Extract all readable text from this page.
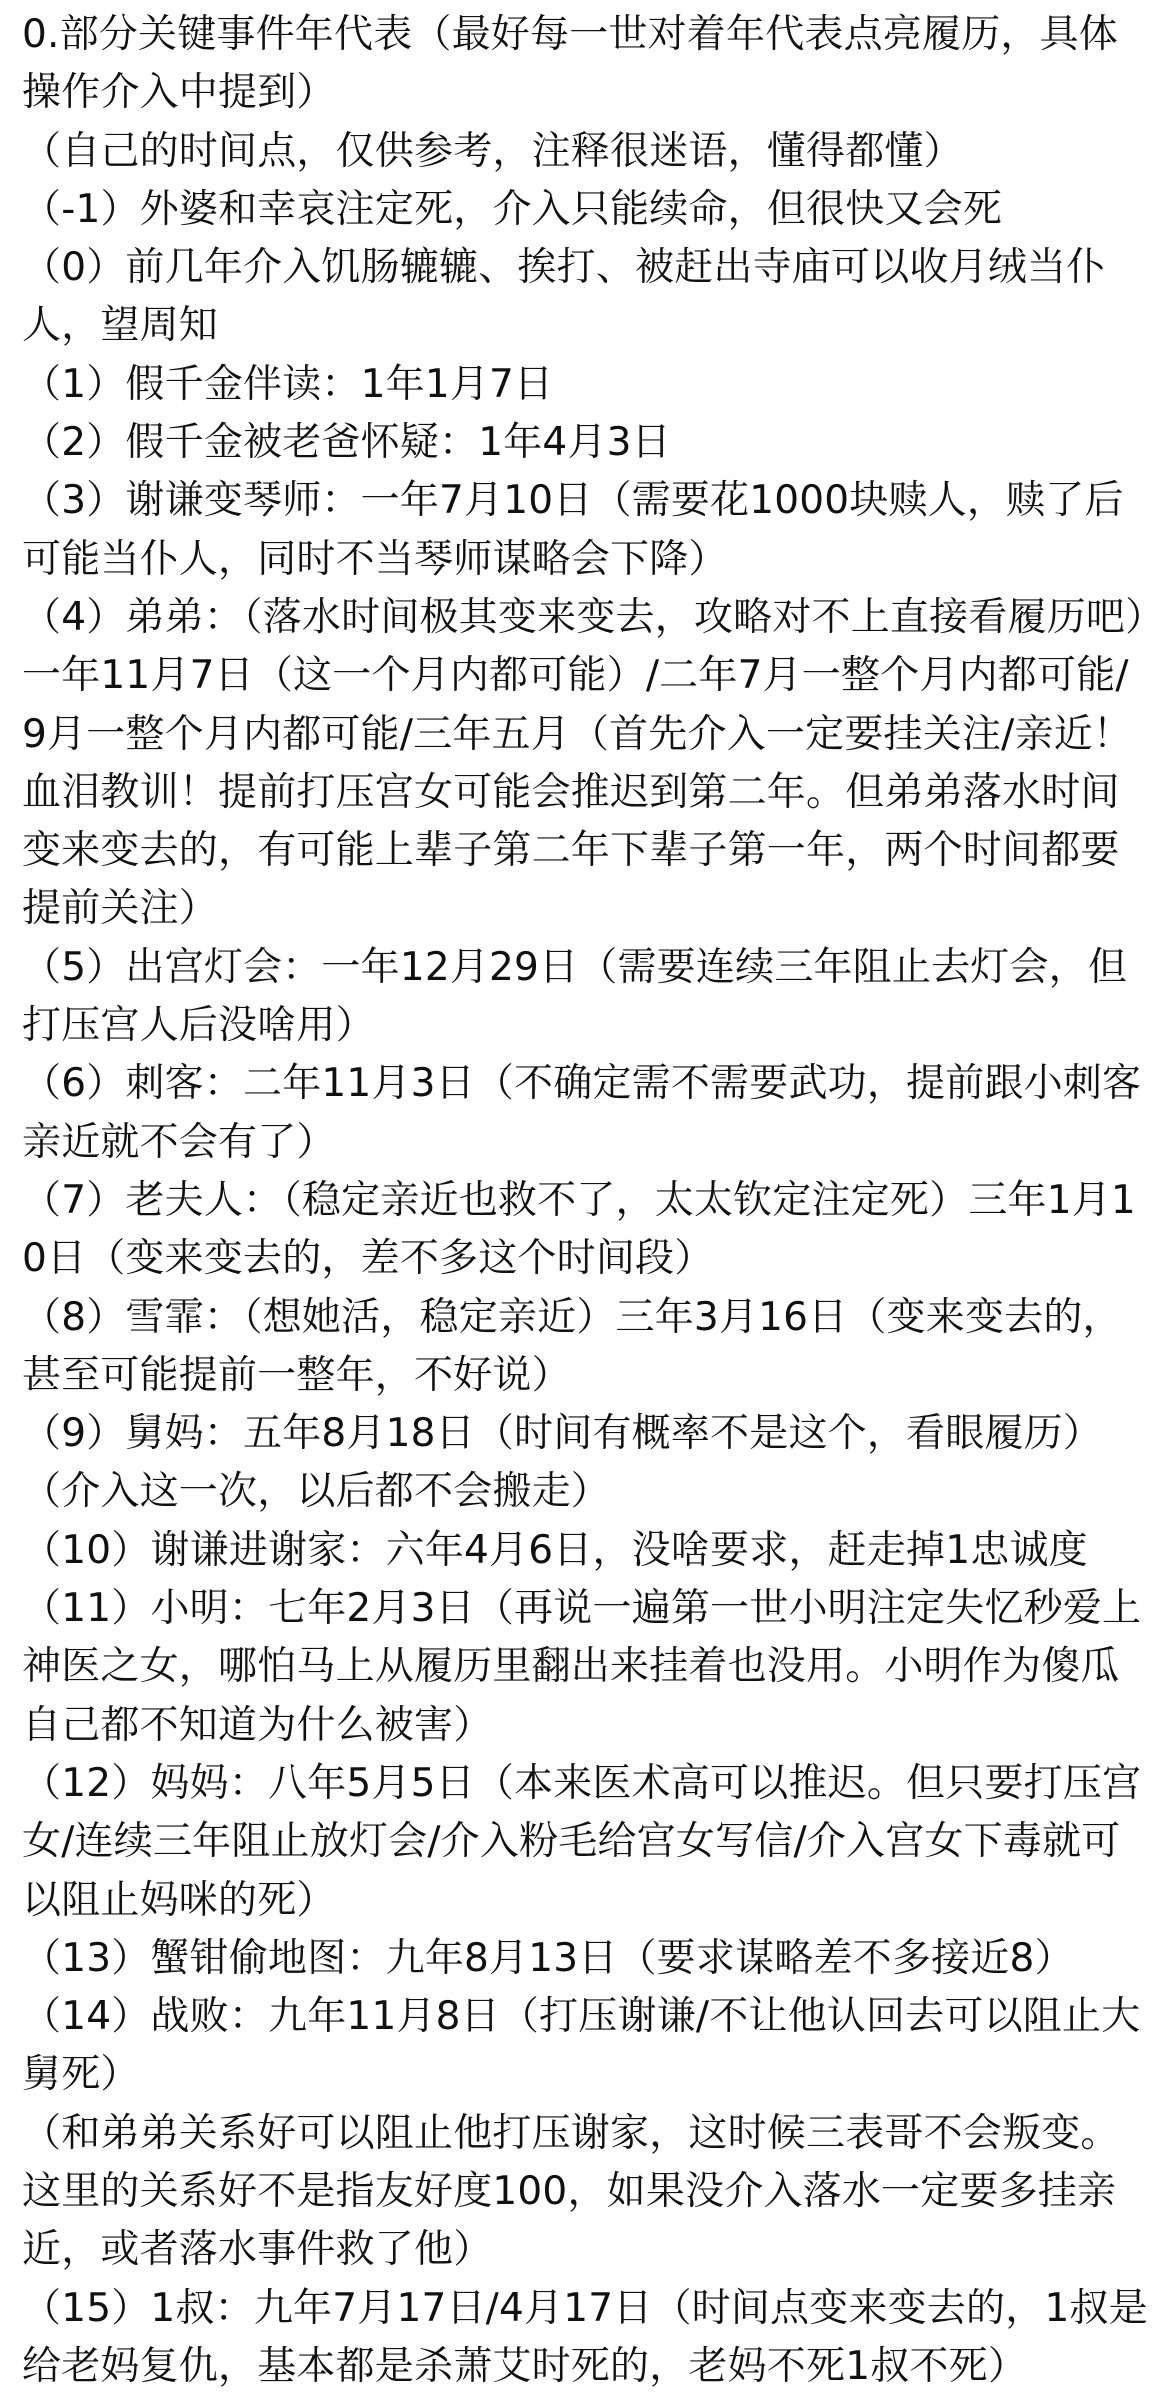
0.部分关键事件年代表（最好每一世对着年代表点亮履历，具体操作介入中提到）

（自己的时间点，仅供参考，注释很迷语，懂得都懂）

（-1）外婆和幸哀注定死，介入只能续命，但很快又会死

（0）前几年介入饥肠辘辘、挨打、被赶出寺庙可以收月绒当仆人，望周知

（1）假千金伴读：1年1月7日

（2）假千金被老爸怀疑：1年4月3日

（3）谢谦变琴师：一年7月10日（需要花1000块赎人，赎了后可能当仆人，同时不当琴师谋略会下降）

（4）弟弟：（落水时间极其变来变去，攻略对不上直接看履历吧）一年11月7日（这一个月内都可能）/二年7月一整个月内都可能/9月一整个月内都可能/三年五月（首先介入一定要挂关注/亲近！血泪教训！提前打压宫女可能会推迟到第二年。但弟弟落水时间变来变去的，有可能上辈子第二年下辈子第一年，两个时间都要提前关注）

（5）出宫灯会：一年12月29日（需要连续三年阻止去灯会，但打压宫人后没啥用）

（6）刺客：二年11月3日（不确定需不需要武功，提前跟小刺客亲近就不会有了）

（7）老夫人：（稳定亲近也救不了，太太钦定注定死）三年1月10日（变来变去的，差不多这个时间段）

（8）雪霏：（想她活，稳定亲近）三年3月16日（变来变去的，甚至可能提前一整年，不好说）

（9）舅妈：五年8月18日（时间有概率不是这个，看眼履历）

（介入这一次，以后都不会搬走）

（10）谢谦进谢家：六年4月6日，没啥要求，赶走掉1忠诚度

（11）小明：七年2月3日（再说一遍第一世小明注定失忆秒爱上神医之女，哪怕马上从履历里翻出来挂着也没用。小明作为傻瓜自己都不知道为什么被害）

（12）妈妈：八年5月5日（本来医术高可以推迟。但只要打压宫女/连续三年阻止放灯会/介入粉毛给宫女写信/介入宫女下毒就可以阻止妈咪的死）

（13）蟹钳偷地图：九年8月13日（要求谋略差不多接近8）

（14）战败：九年11月8日（打压谢谦/不让他认回去可以阻止大舅死）

（和弟弟关系好可以阻止他打压谢家，这时候三表哥不会叛变。这里的关系好不是指友好度100，如果没介入落水一定要多挂亲近，或者落水事件救了他）

（15）1叔：九年7月17日/4月17日（时间点变来变去的，1叔是给老妈复仇，基本都是杀萧艾时死的，老妈不死1叔不死）
